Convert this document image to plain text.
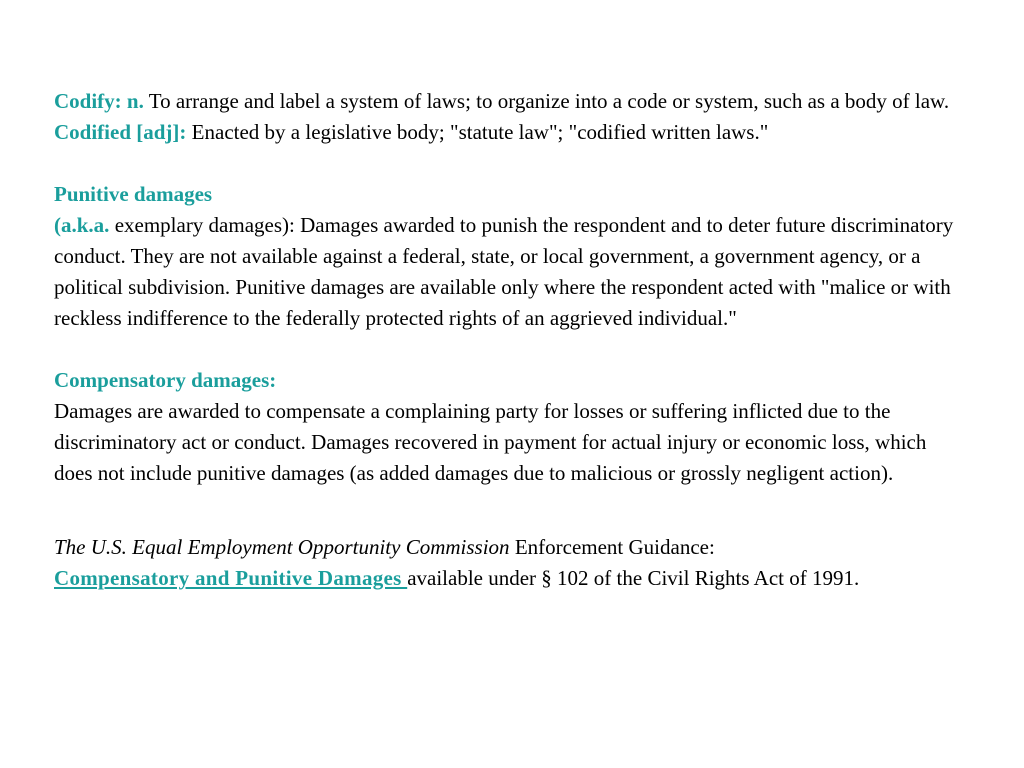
Codify: n. To arrange and label a system of laws; to organize into a code or system, such as a body of law. Codified [adj]: Enacted by a legislative body; "statute law"; "codified written laws."

Punitive damages
(a.k.a. exemplary damages): Damages awarded to punish the respondent and to deter future discriminatory conduct. They are not available against a federal, state, or local government, a government agency, or a political subdivision. Punitive damages are available only where the respondent acted with "malice or with reckless indifference to the federally protected rights of an aggrieved individual."

Compensatory damages:
Damages are awarded to compensate a complaining party for losses or suffering inflicted due to the discriminatory act or conduct. Damages recovered in payment for actual injury or economic loss, which does not include punitive damages (as added damages due to malicious or grossly negligent action).

The U.S. Equal Employment Opportunity Commission Enforcement Guidance:
Compensatory and Punitive Damages available under § 102 of the Civil Rights Act of 1991.
